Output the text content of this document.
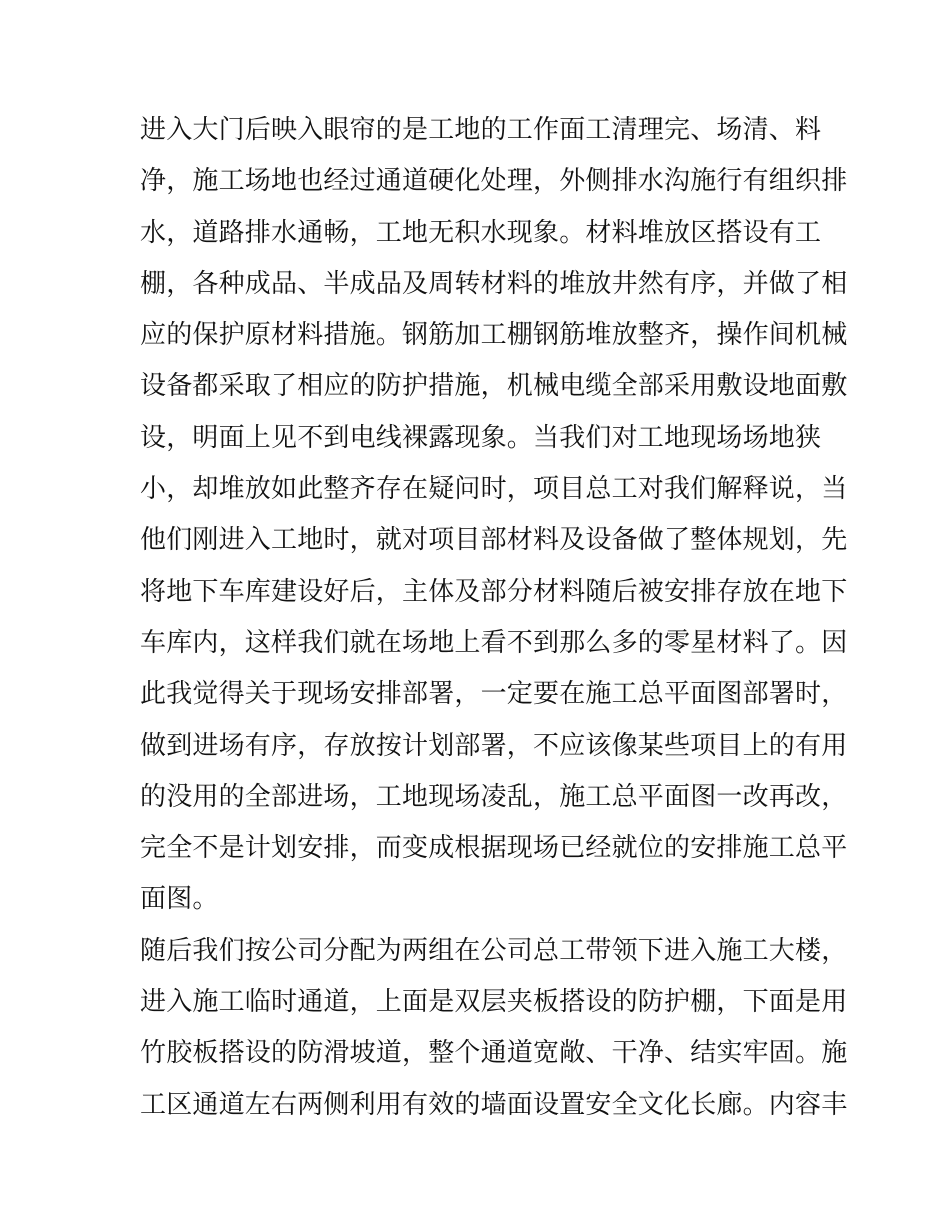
进入大门后映入眼帘的是工地的工作面工清理完、场清、料
净，施工场地也经过通道硬化处理，外侧排水沟施行有组织排
水，道路排水通畅，工地无积水现象。材料堆放区搭设有工
棚，各种成品、半成品及周转材料的堆放井然有序，并做了相
应的保护原材料措施。钢筋加工棚钢筋堆放整齐，操作间机械
设备都采取了相应的防护措施，机械电缆全部采用敷设地面敷
设，明面上见不到电线裸露现象。当我们对工地现场场地狭
小，却堆放如此整齐存在疑问时，项目总工对我们解释说，当
他们刚进入工地时，就对项目部材料及设备做了整体规划，先
将地下车库建设好后，主体及部分材料随后被安排存放在地下
车库内，这样我们就在场地上看不到那么多的零星材料了。因
此我觉得关于现场安排部署，一定要在施工总平面图部署时，
做到进场有序，存放按计划部署，不应该像某些项目上的有用
的没用的全部进场，工地现场凌乱，施工总平面图一改再改，
完全不是计划安排，而变成根据现场已经就位的安排施工总平
面图。
随后我们按公司分配为两组在公司总工带领下进入施工大楼，
进入施工临时通道，上面是双层夹板搭设的防护棚，下面是用
竹胶板搭设的防滑坡道，整个通道宽敞、干净、结实牢固。施
工区通道左右两侧利用有效的墙面设置安全文化长廊。内容丰
